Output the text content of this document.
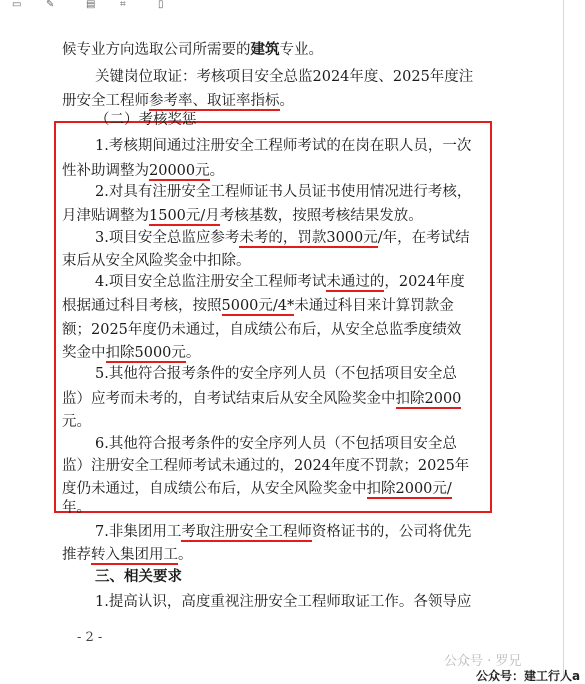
▭ ✎	▤ ⌗	▯
候专业方向选取公司所需要的建筑专业。
关键岗位取证：考核项目安全总监2024年度、2025年度注
册安全工程师参考率、取证率指标。
（二）考核奖惩
1.考核期间通过注册安全工程师考试的在岗在职人员，一次
性补助调整为20000元。
2.对具有注册安全工程师证书人员证书使用情况进行考核，
月津贴调整为1500元/月考核基数，按照考核结果发放。
3.项目安全总监应参考未考的，罚款3000元/年，在考试结
束后从安全风险奖金中扣除。
4.项目安全总监注册安全工程师考试未通过的，2024年度
根据通过科目考核，按照5000元/4*未通过科目来计算罚款金
额；2025年度仍未通过，自成绩公布后，从安全总监季度绩效
奖金中扣除5000元。
5.其他符合报考条件的安全序列人员（不包括项目安全总
监）应考而未考的，自考试结束后从安全风险奖金中扣除2000
元。
6.其他符合报考条件的安全序列人员（不包括项目安全总
监）注册安全工程师考试未通过的，2024年度不罚款；2025年
度仍未通过，自成绩公布后，从安全风险奖金中扣除2000元/
年。
7.非集团用工考取注册安全工程师资格证书的，公司将优先
推荐转入集团用工。
三、相关要求
1.提高认识，高度重视注册安全工程师取证工作。各领导应
- 2 -
公众号 · 罗兄
公众号：建工行人a
